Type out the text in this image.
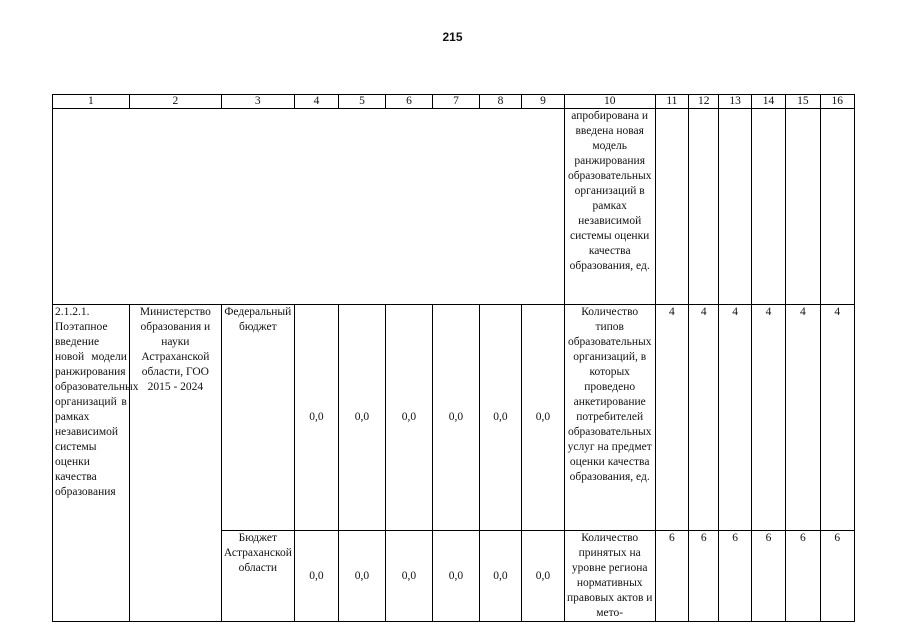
215
1	2	3	4	5	6	7	8	9	10	11	12	13	14	15	16
									апробирована и введена новая модель ранжирования образовательных организаций в рамках независимой системы оценки качества образования, ед.						
2.1.2.1. Поэтапное введение новой модели ранжирования образовательных организаций в рамках независимой системы оценки качества образования	Министерство образования и науки Астраханской области, ГОО 2015 - 2024	Федеральный бюджет	0,0	0,0	0,0	0,0	0,0	0,0	Количество типов образовательных организаций, в которых проведено анкетирование потребителей образовательных услуг на предмет оценки качества образования, ед.	4	4	4	4	4	4
		Бюджет Астраханской области	0,0	0,0	0,0	0,0	0,0	0,0	Количество принятых на уровне региона нормативных правовых актов и мето-	6	6	6	6	6	6
